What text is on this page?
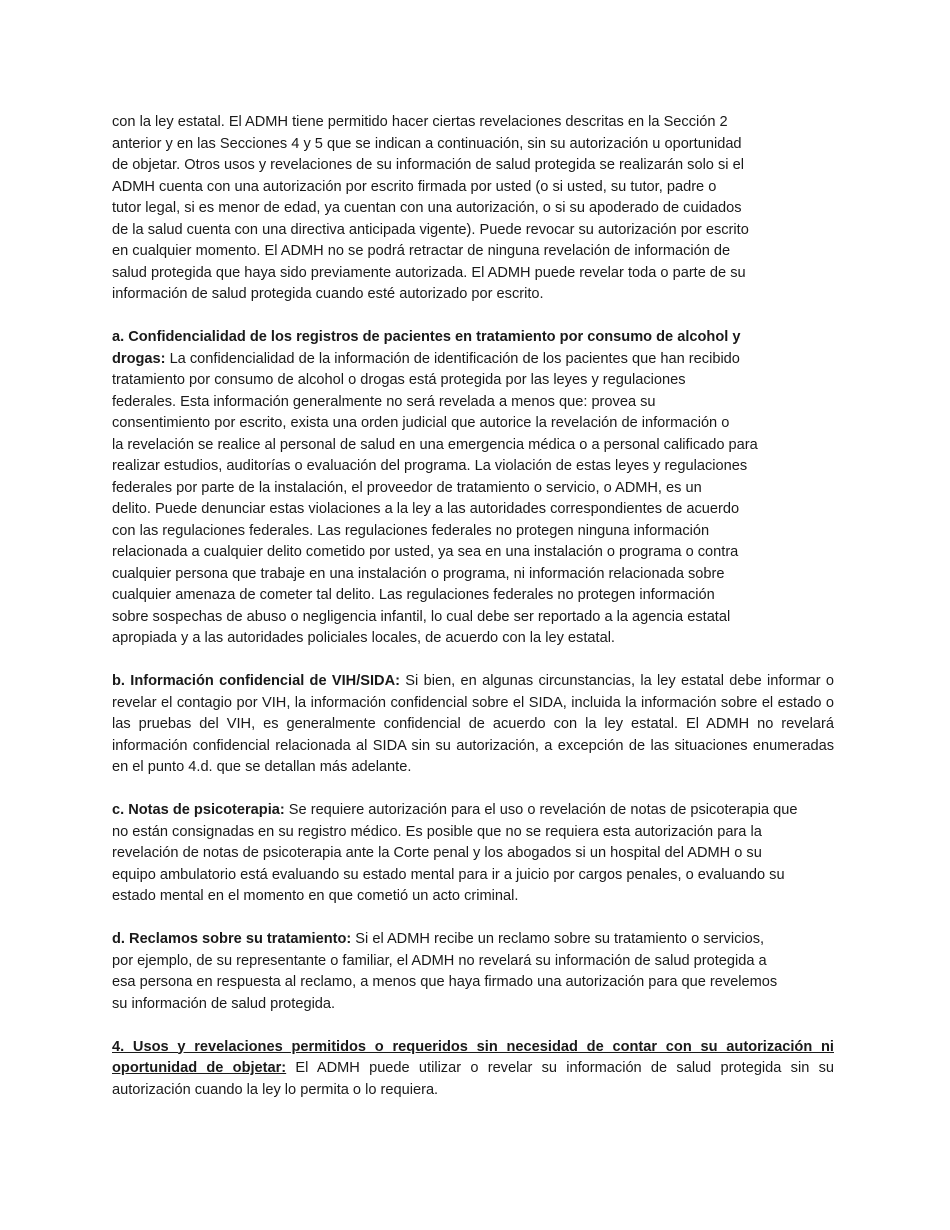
con la ley estatal. El ADMH tiene permitido hacer ciertas revelaciones descritas en la Sección 2
anterior y en las Secciones 4 y 5 que se indican a continuación, sin su autorización u oportunidad
de objetar. Otros usos y revelaciones de su información de salud protegida se realizarán solo si el
ADMH cuenta con una autorización por escrito firmada por usted (o si usted, su tutor, padre o
tutor legal, si es menor de edad, ya cuentan con una autorización, o si su apoderado de cuidados
de la salud cuenta con una directiva anticipada vigente). Puede revocar su autorización por escrito
en cualquier momento. El ADMH no se podrá retractar de ninguna revelación de información de
salud protegida que haya sido previamente autorizada. El ADMH puede revelar toda o parte de su
información de salud protegida cuando esté autorizado por escrito.
a. Confidencialidad de los registros de pacientes en tratamiento por consumo de alcohol y
drogas: La confidencialidad de la información de identificación de los pacientes que han recibido
tratamiento por consumo de alcohol o drogas está protegida por las leyes y regulaciones
federales. Esta información generalmente no será revelada a menos que: provea su
consentimiento por escrito, exista una orden judicial que autorice la revelación de información o
la revelación se realice al personal de salud en una emergencia médica o a personal calificado para
realizar estudios, auditorías o evaluación del programa. La violación de estas leyes y regulaciones
federales por parte de la instalación, el proveedor de tratamiento o servicio, o ADMH, es un
delito. Puede denunciar estas violaciones a la ley a las autoridades correspondientes de acuerdo
con las regulaciones federales. Las regulaciones federales no protegen ninguna información
relacionada a cualquier delito cometido por usted, ya sea en una instalación o programa o contra
cualquier persona que trabaje en una instalación o programa, ni información relacionada sobre
cualquier amenaza de cometer tal delito. Las regulaciones federales no protegen información
sobre sospechas de abuso o negligencia infantil, lo cual debe ser reportado a la agencia estatal
apropiada y a las autoridades policiales locales, de acuerdo con la ley estatal.

b. Información confidencial de VIH/SIDA: Si bien, en algunas circunstancias, la ley estatal debe informar o revelar el contagio por VIH, la información confidencial sobre el SIDA, incluida la información sobre el estado o las pruebas del VIH, es generalmente confidencial de acuerdo con la ley estatal. El ADMH no revelará información confidencial relacionada al SIDA sin su autorización, a excepción de las situaciones enumeradas en el punto 4.d. que se detallan más adelante.

c. Notas de psicoterapia: Se requiere autorización para el uso o revelación de notas de psicoterapia que
no están consignadas en su registro médico. Es posible que no se requiera esta autorización para la
revelación de notas de psicoterapia ante la Corte penal y los abogados si un hospital del ADMH o su
equipo ambulatorio está evaluando su estado mental para ir a juicio por cargos penales, o evaluando su
estado mental en el momento en que cometió un acto criminal.
d. Reclamos sobre su tratamiento: Si el ADMH recibe un reclamo sobre su tratamiento o servicios,
por ejemplo, de su representante o familiar, el ADMH no revelará su información de salud protegida a
esa persona en respuesta al reclamo, a menos que haya firmado una autorización para que revelemos
su información de salud protegida.

4. Usos y revelaciones permitidos o requeridos sin necesidad de contar con su autorización ni oportunidad de objetar: El ADMH puede utilizar o revelar su información de salud protegida sin su autorización cuando la ley lo permita o lo requiera.
